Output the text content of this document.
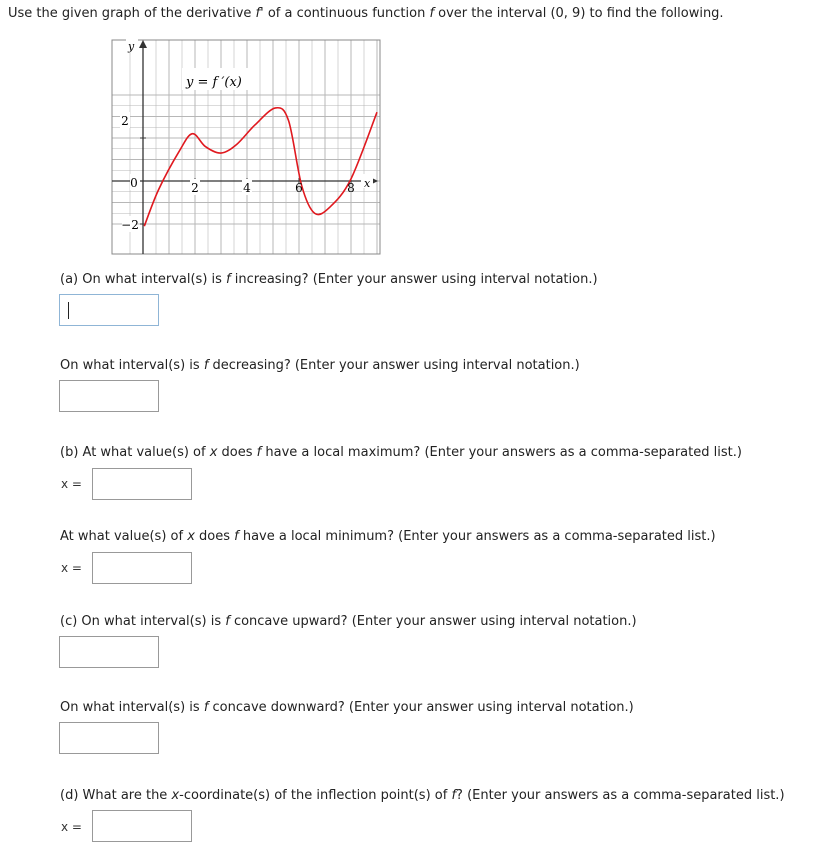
Use the given graph of the derivative f' of a continuous function f over the interval (0, 9) to find the following.
y = f ′(x)
y
x
2
0
−2
2	4	6	8
(a) On what interval(s) is f increasing? (Enter your answer using interval notation.)
On what interval(s) is f decreasing? (Enter your answer using interval notation.)
(b) At what value(s) of x does f have a local maximum? (Enter your answers as a comma-separated list.)
x =
At what value(s) of x does f have a local minimum? (Enter your answers as a comma-separated list.)
x =
(c) On what interval(s) is f concave upward? (Enter your answer using interval notation.)
On what interval(s) is f concave downward? (Enter your answer using interval notation.)
(d) What are the x-coordinate(s) of the inflection point(s) of f? (Enter your answers as a comma-separated list.)
x =
